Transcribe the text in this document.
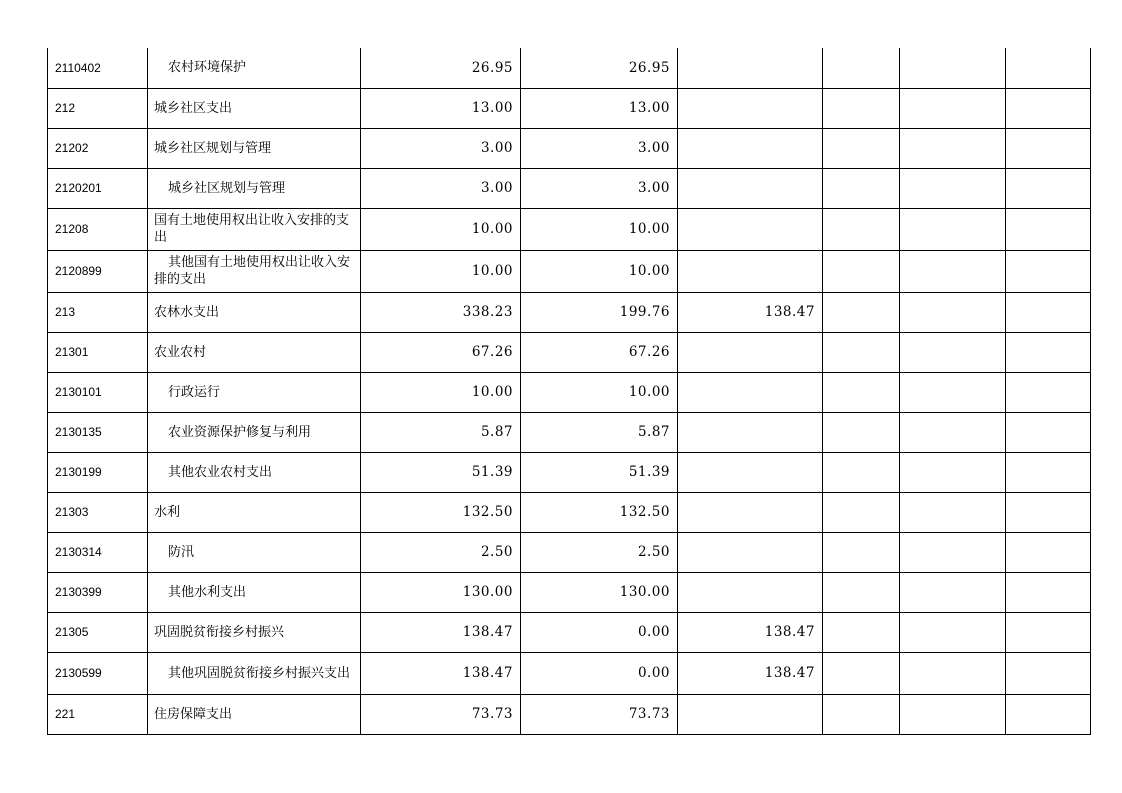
2110402	农村环境保护	26.95	26.95				
212	城乡社区支出	13.00	13.00				
21202	城乡社区规划与管理	3.00	3.00				
2120201	城乡社区规划与管理	3.00	3.00				
21208	国有土地使用权出让收入安排的支出	10.00	10.00				
2120899	其他国有土地使用权出让收入安排的支出	10.00	10.00				
213	农林水支出	338.23	199.76	138.47			
21301	农业农村	67.26	67.26				
2130101	行政运行	10.00	10.00				
2130135	农业资源保护修复与利用	5.87	5.87				
2130199	其他农业农村支出	51.39	51.39				
21303	水利	132.50	132.50				
2130314	防汛	2.50	2.50				
2130399	其他水利支出	130.00	130.00				
21305	巩固脱贫衔接乡村振兴	138.47	0.00	138.47			
2130599	其他巩固脱贫衔接乡村振兴支出	138.47	0.00	138.47			
221	住房保障支出	73.73	73.73				
